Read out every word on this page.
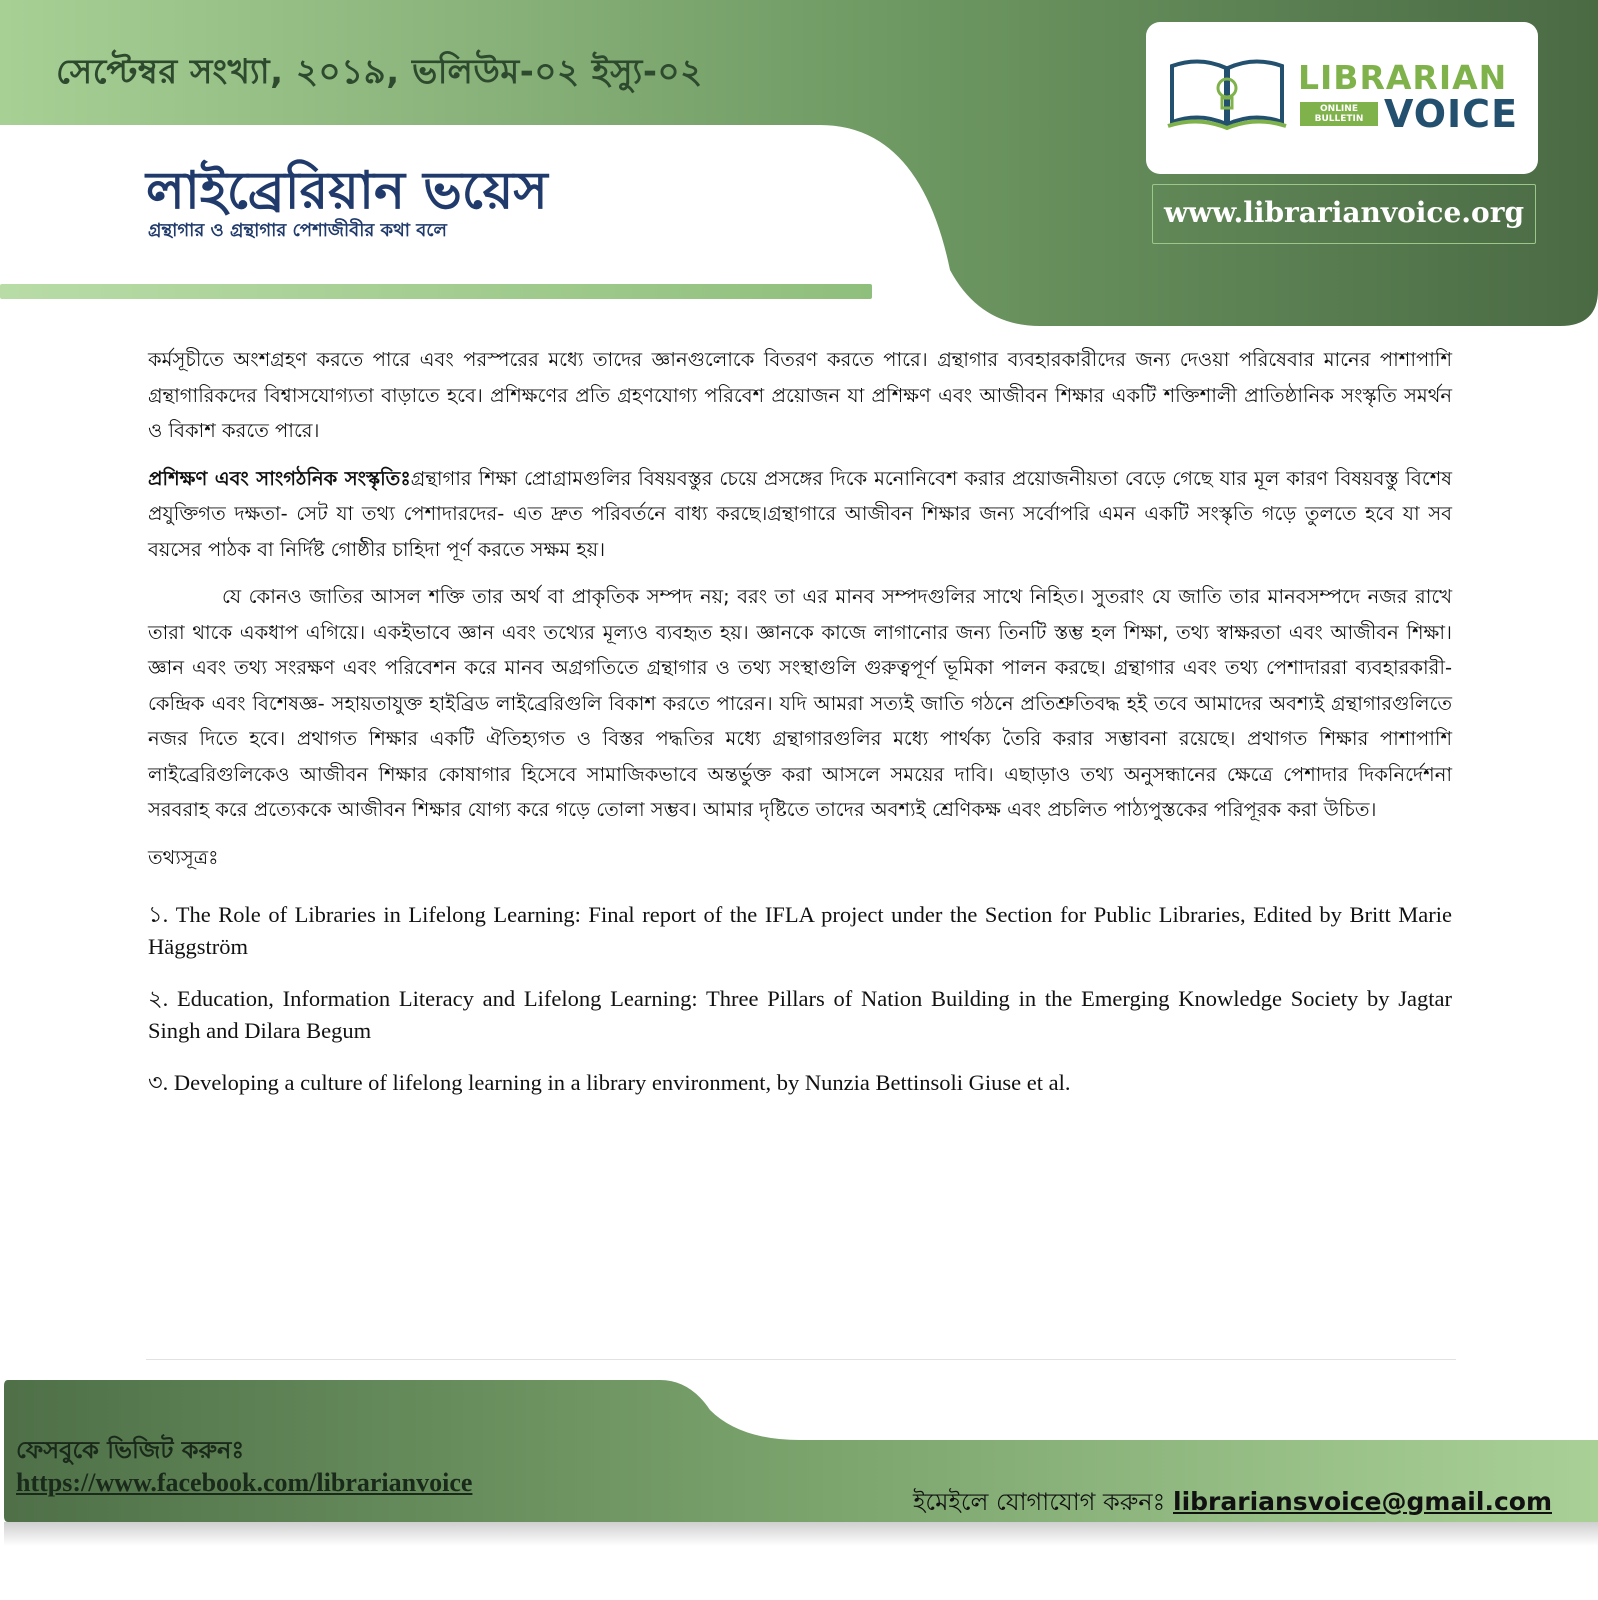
সেপ্টেম্বর সংখ্যা, ২০১৯, ভলিউম-০২ ইস্যু-০২
লাইব্রেরিয়ান ভয়েস
গ্রন্থাগার ও গ্রন্থাগার পেশাজীবীর কথা বলে
LIBRARIAN
ONLINE
BULLETIN VOICE
www.librarianvoice.org

কর্মসূচীতে অংশগ্রহণ করতে পারে এবং পরস্পরের মধ্যে তাদের জ্ঞানগুলোকে বিতরণ করতে পারে। গ্রন্থাগার ব্যবহারকারীদের জন্য দেওয়া পরিষেবার মানের পাশাপাশি গ্রন্থাগারিকদের বিশ্বাসযোগ্যতা বাড়াতে হবে। প্রশিক্ষণের প্রতি গ্রহণযোগ্য পরিবেশ প্রয়োজন যা প্রশিক্ষণ এবং আজীবন শিক্ষার একটি শক্তিশালী প্রাতিষ্ঠানিক সংস্কৃতি সমর্থন ও বিকাশ করতে পারে।

প্রশিক্ষণ এবং সাংগঠনিক সংস্কৃতিঃগ্রন্থাগার শিক্ষা প্রোগ্রামগুলির বিষয়বস্তুর চেয়ে প্রসঙ্গের দিকে মনোনিবেশ করার প্রয়োজনীয়তা বেড়ে গেছে যার মূল কারণ বিষয়বস্তু বিশেষ প্রযুক্তিগত দক্ষতা- সেট যা তথ্য পেশাদারদের- এত দ্রুত পরিবর্তনে বাধ্য করছে।গ্রন্থাগারে আজীবন শিক্ষার জন্য সর্বোপরি এমন একটি সংস্কৃতি গড়ে তুলতে হবে যা সব বয়সের পাঠক বা নির্দিষ্ট গোষ্ঠীর চাহিদা পূর্ণ করতে সক্ষম হয়।

যে কোনও জাতির আসল শক্তি তার অর্থ বা প্রাকৃতিক সম্পদ নয়; বরং তা এর মানব সম্পদগুলির সাথে নিহিত। সুতরাং যে জাতি তার মানবসম্পদে নজর রাখে তারা থাকে একধাপ এগিয়ে। একইভাবে জ্ঞান এবং তথ্যের মূল্যও ব্যবহৃত হয়। জ্ঞানকে কাজে লাগানোর জন্য তিনটি স্তম্ভ হল শিক্ষা, তথ্য স্বাক্ষরতা এবং আজীবন শিক্ষা। জ্ঞান এবং তথ্য সংরক্ষণ এবং পরিবেশন করে মানব অগ্রগতিতে গ্রন্থাগার ও তথ্য সংস্থাগুলি গুরুত্বপূর্ণ ভূমিকা পালন করছে। গ্রন্থাগার এবং তথ্য পেশাদাররা ব্যবহারকারী- কেন্দ্রিক এবং বিশেষজ্ঞ- সহায়তাযুক্ত হাইব্রিড লাইব্রেরিগুলি বিকাশ করতে পারেন। যদি আমরা সত্যই জাতি গঠনে প্রতিশ্রুতিবদ্ধ হই তবে আমাদের অবশ্যই গ্রন্থাগারগুলিতে নজর দিতে হবে। প্রথাগত শিক্ষার একটি ঐতিহ্যগত ও বিস্তর পদ্ধতির মধ্যে গ্রন্থাগারগুলির মধ্যে পার্থক্য তৈরি করার সম্ভাবনা রয়েছে। প্রথাগত শিক্ষার পাশাপাশি লাইব্রেরিগুলিকেও আজীবন শিক্ষার কোষাগার হিসেবে সামাজিকভাবে অন্তর্ভুক্ত করা আসলে সময়ের দাবি। এছাড়াও তথ্য অনুসন্ধানের ক্ষেত্রে পেশাদার দিকনির্দেশনা সরবরাহ করে প্রত্যেককে আজীবন শিক্ষার যোগ্য করে গড়ে তোলা সম্ভব। আমার দৃষ্টিতে তাদের অবশ্যই শ্রেণিকক্ষ এবং প্রচলিত পাঠ্যপুস্তকের পরিপূরক করা উচিত।

তথ্যসূত্রঃ

১. The Role of Libraries in Lifelong Learning: Final report of the IFLA project under the Section for Public Libraries, Edited by Britt Marie Häggström

২. Education, Information Literacy and Lifelong Learning: Three Pillars of Nation Building in the Emerging Knowledge Society by Jagtar Singh and Dilara Begum

৩. Developing a culture of lifelong learning in a library environment, by Nunzia Bettinsoli Giuse et al.

ফেসবুকে ভিজিট করুনঃ
https://www.facebook.com/librarianvoice
ইমেইলে যোগাযোগ করুনঃ librariansvoice@gmail.com
